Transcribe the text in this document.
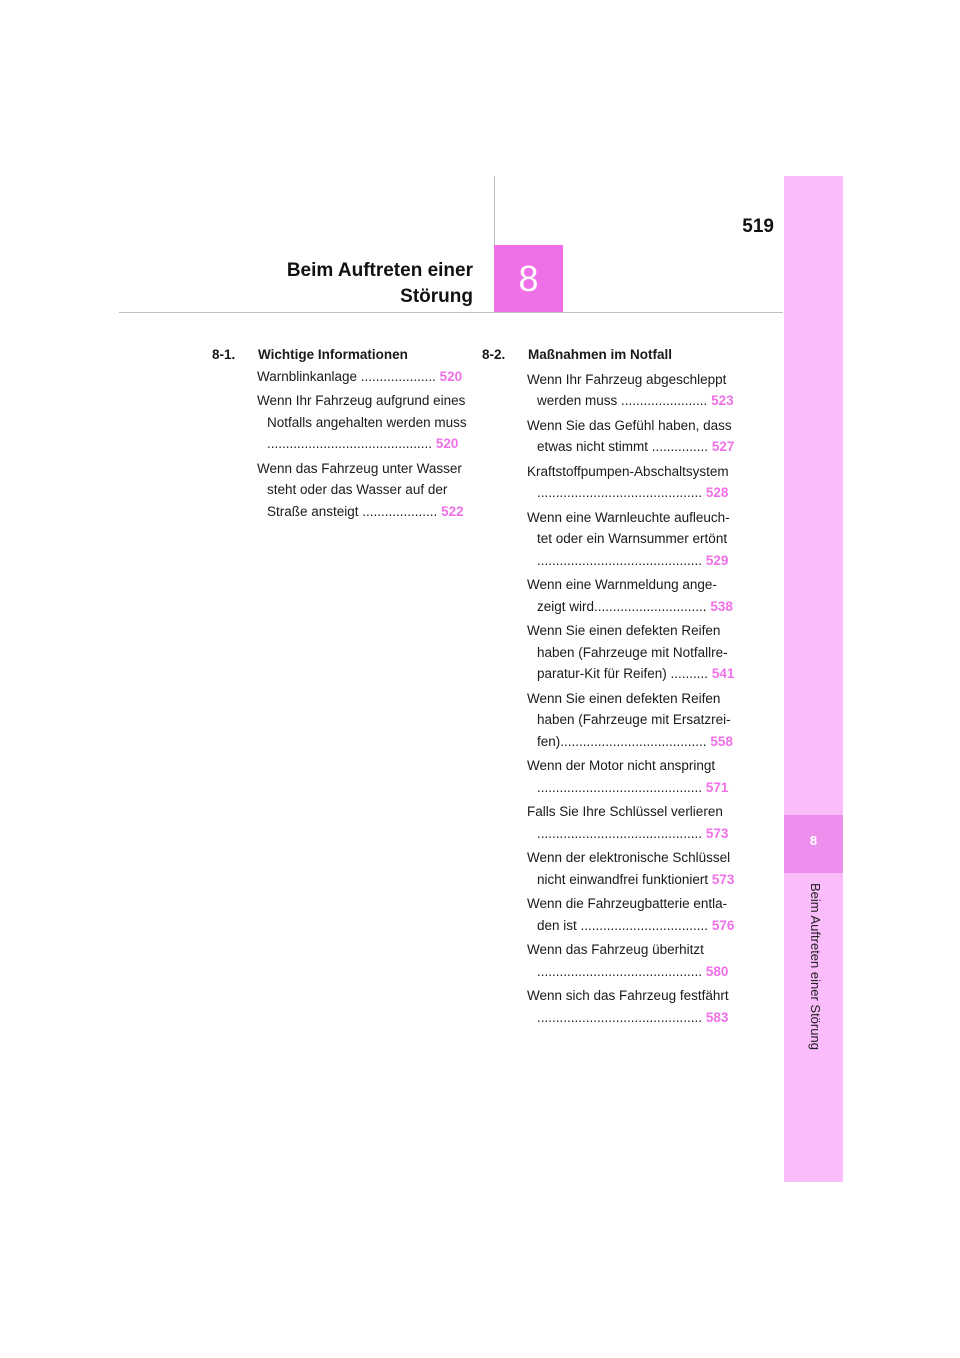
8
Beim Auftreten einer Störung
519
8
Beim Auftreten einer
Störung
8-1. Wichtige Informationen
Warnblinkanlage .................... 520
Wenn Ihr Fahrzeug aufgrund eines
Notfalls angehalten werden muss
............................................ 520
Wenn das Fahrzeug unter Wasser
steht oder das Wasser auf der
Straße ansteigt .................... 522
8-2. Maßnahmen im Notfall
Wenn Ihr Fahrzeug abgeschleppt
werden muss ....................... 523
Wenn Sie das Gefühl haben, dass
etwas nicht stimmt ............... 527
Kraftstoffpumpen-Abschaltsystem
............................................ 528
Wenn eine Warnleuchte aufleuch-
tet oder ein Warnsummer ertönt
............................................ 529
Wenn eine Warnmeldung ange-
zeigt wird.............................. 538
Wenn Sie einen defekten Reifen
haben (Fahrzeuge mit Notfallre-
paratur-Kit für Reifen) .......... 541
Wenn Sie einen defekten Reifen
haben (Fahrzeuge mit Ersatzrei-
fen)....................................... 558
Wenn der Motor nicht anspringt
............................................ 571
Falls Sie Ihre Schlüssel verlieren
............................................ 573
Wenn der elektronische Schlüssel
nicht einwandfrei funktioniert 573
Wenn die Fahrzeugbatterie entla-
den ist .................................. 576
Wenn das Fahrzeug überhitzt
............................................ 580
Wenn sich das Fahrzeug festfährt
............................................ 583
